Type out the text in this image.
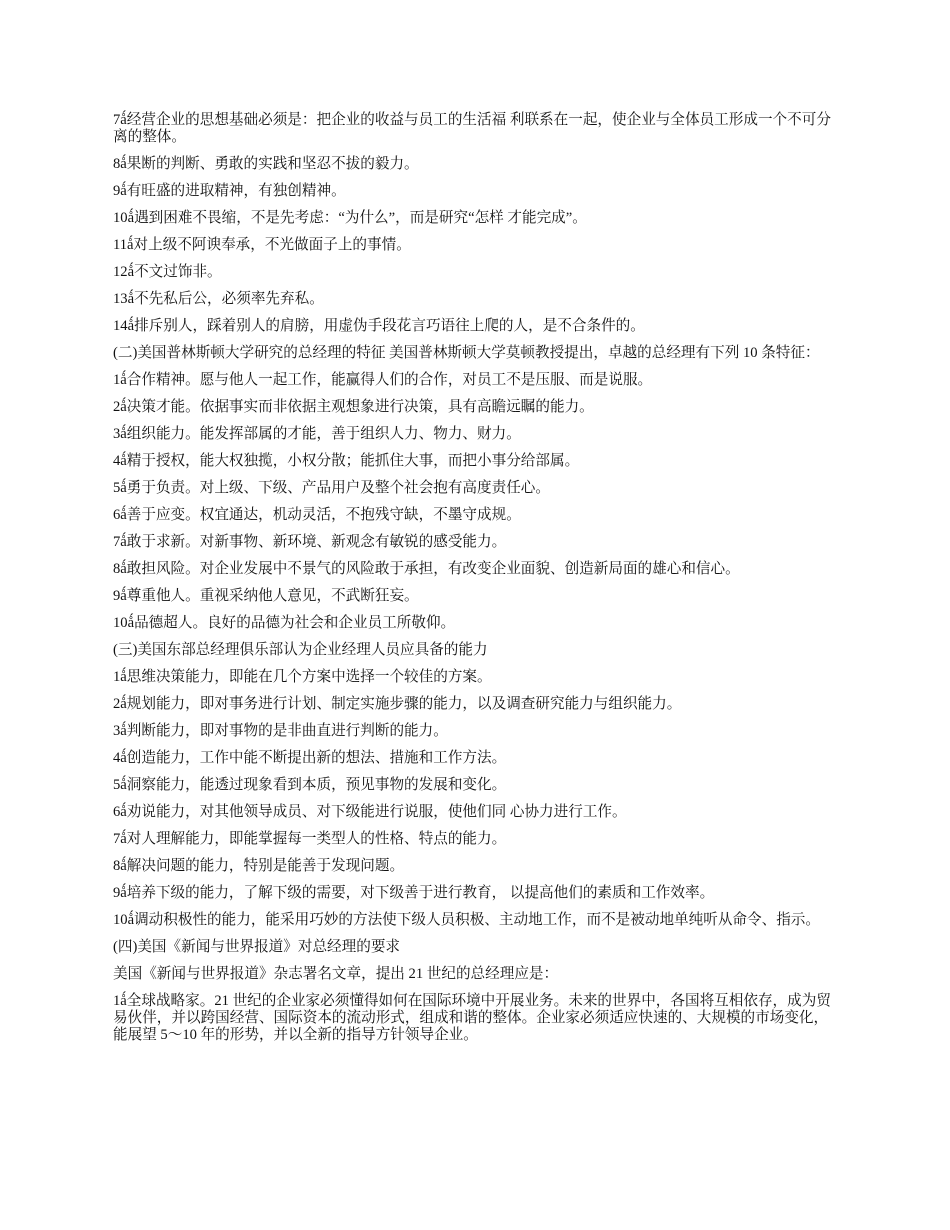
7ǻ经营企业的思想基础必须是：把企业的收益与员工的生活福 利联系在一起，使企业与全体员工形成一个不可分离的整体。

8ǻ果断的判断、勇敢的实践和坚忍不拔的毅力。

9ǻ有旺盛的进取精神，有独创精神。

10ǻ遇到困难不畏缩，不是先考虑：“为什么”，而是研究“怎样 才能完成”。

11ǻ对上级不阿谀奉承，不光做面子上的事情。

12ǻ不文过饰非。

13ǻ不先私后公，必须率先弃私。

14ǻ排斥别人，踩着别人的肩膀，用虚伪手段花言巧语往上爬的人，是不合条件的。

(二)美国普林斯顿大学研究的总经理的特征 美国普林斯顿大学莫顿教授提出，卓越的总经理有下列 10 条特征：

1ǻ合作精神。愿与他人一起工作，能赢得人们的合作，对员工不是压服、而是说服。

2ǻ决策才能。依据事实而非依据主观想象进行决策，具有高瞻远瞩的能力。

3ǻ组织能力。能发挥部属的才能，善于组织人力、物力、财力。

4ǻ精于授权，能大权独揽，小权分散；能抓住大事，而把小事分给部属。

5ǻ勇于负责。对上级、下级、产品用户及整个社会抱有高度责任心。

6ǻ善于应变。权宜通达，机动灵活，不抱残守缺，不墨守成规。

7ǻ敢于求新。对新事物、新环境、新观念有敏锐的感受能力。

8ǻ敢担风险。对企业发展中不景气的风险敢于承担，有改变企业面貌、创造新局面的雄心和信心。

9ǻ尊重他人。重视采纳他人意见，不武断狂妄。

10ǻ品德超人。良好的品德为社会和企业员工所敬仰。

(三)美国东部总经理俱乐部认为企业经理人员应具备的能力

1ǻ思维决策能力，即能在几个方案中选择一个较佳的方案。

2ǻ规划能力，即对事务进行计划、制定实施步骤的能力，以及调查研究能力与组织能力。

3ǻ判断能力，即对事物的是非曲直进行判断的能力。

4ǻ创造能力，工作中能不断提出新的想法、措施和工作方法。

5ǻ洞察能力，能透过现象看到本质，预见事物的发展和变化。

6ǻ劝说能力，对其他领导成员、对下级能进行说服，使他们同 心协力进行工作。

7ǻ对人理解能力，即能掌握每一类型人的性格、特点的能力。

8ǻ解决问题的能力，特别是能善于发现问题。

9ǻ培养下级的能力，了解下级的需要，对下级善于进行教育， 以提高他们的素质和工作效率。

10ǻ调动积极性的能力，能采用巧妙的方法使下级人员积极、主动地工作，而不是被动地单纯听从命令、指示。

(四)美国《新闻与世界报道》对总经理的要求

美国《新闻与世界报道》杂志署名文章，提出 21 世纪的总经理应是：

1ǻ全球战略家。21 世纪的企业家必须懂得如何在国际环境中开展业务。未来的世界中，各国将互相依存，成为贸易伙伴，并以跨国经营、国际资本的流动形式，组成和谐的整体。企业家必须适应快速的、大规模的市场变化，能展望 5～10 年的形势，并以全新的指导方针领导企业。
